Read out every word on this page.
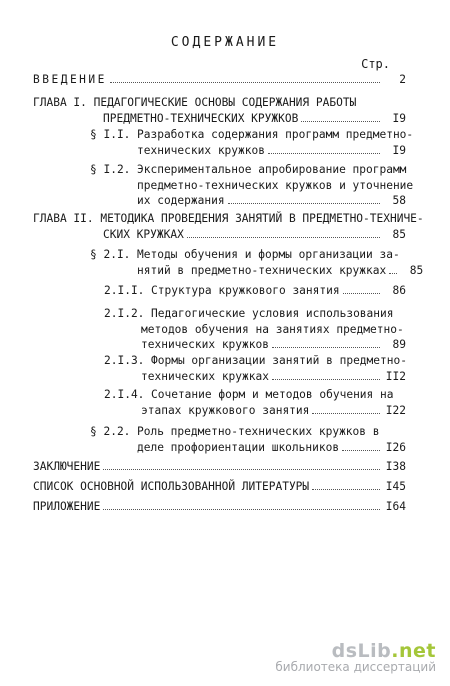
СОДЕРЖАНИЕ
Стр.
ВВЕДЕНИЕ	2
ГЛАВА I. ПЕДАГОГИЧЕСКИЕ ОСНОВЫ СОДЕРЖАНИЯ РАБОТЫ
ПРЕДМЕТНО-ТЕХНИЧЕСКИХ КРУЖКОВ	I9
§ I.I. Разработка содержания программ предметно-
технических кружков	I9
§ I.2. Экспериментальное апробирование программ
предметно-технических кружков и уточнение
их содержания	58
ГЛАВА II. МЕТОДИКА ПРОВЕДЕНИЯ ЗАНЯТИЙ В ПРЕДМЕТНО-ТЕХНИЧЕ-
СКИХ КРУЖКАХ	85
§ 2.I. Методы обучения и формы организации за-
нятий в предметно-технических кружках	85
2.I.I. Структура кружкового занятия	86
2.I.2. Педагогические условия использования
методов обучения на занятиях предметно-
технических кружков	89
2.I.3. Формы организации занятий в предметно-
технических кружках	II2
2.I.4. Сочетание форм и методов обучения на
этапах кружкового занятия	I22
§ 2.2. Роль предметно-технических кружков в
деле профориентации школьников	I26
ЗАКЛЮЧЕНИЕ	I38
СПИСОК ОСНОВНОЙ ИСПОЛЬЗОВАННОЙ ЛИТЕРАТУРЫ	I45
ПРИЛОЖЕНИЕ	I64
dsLib.net
библиотека диссертаций
